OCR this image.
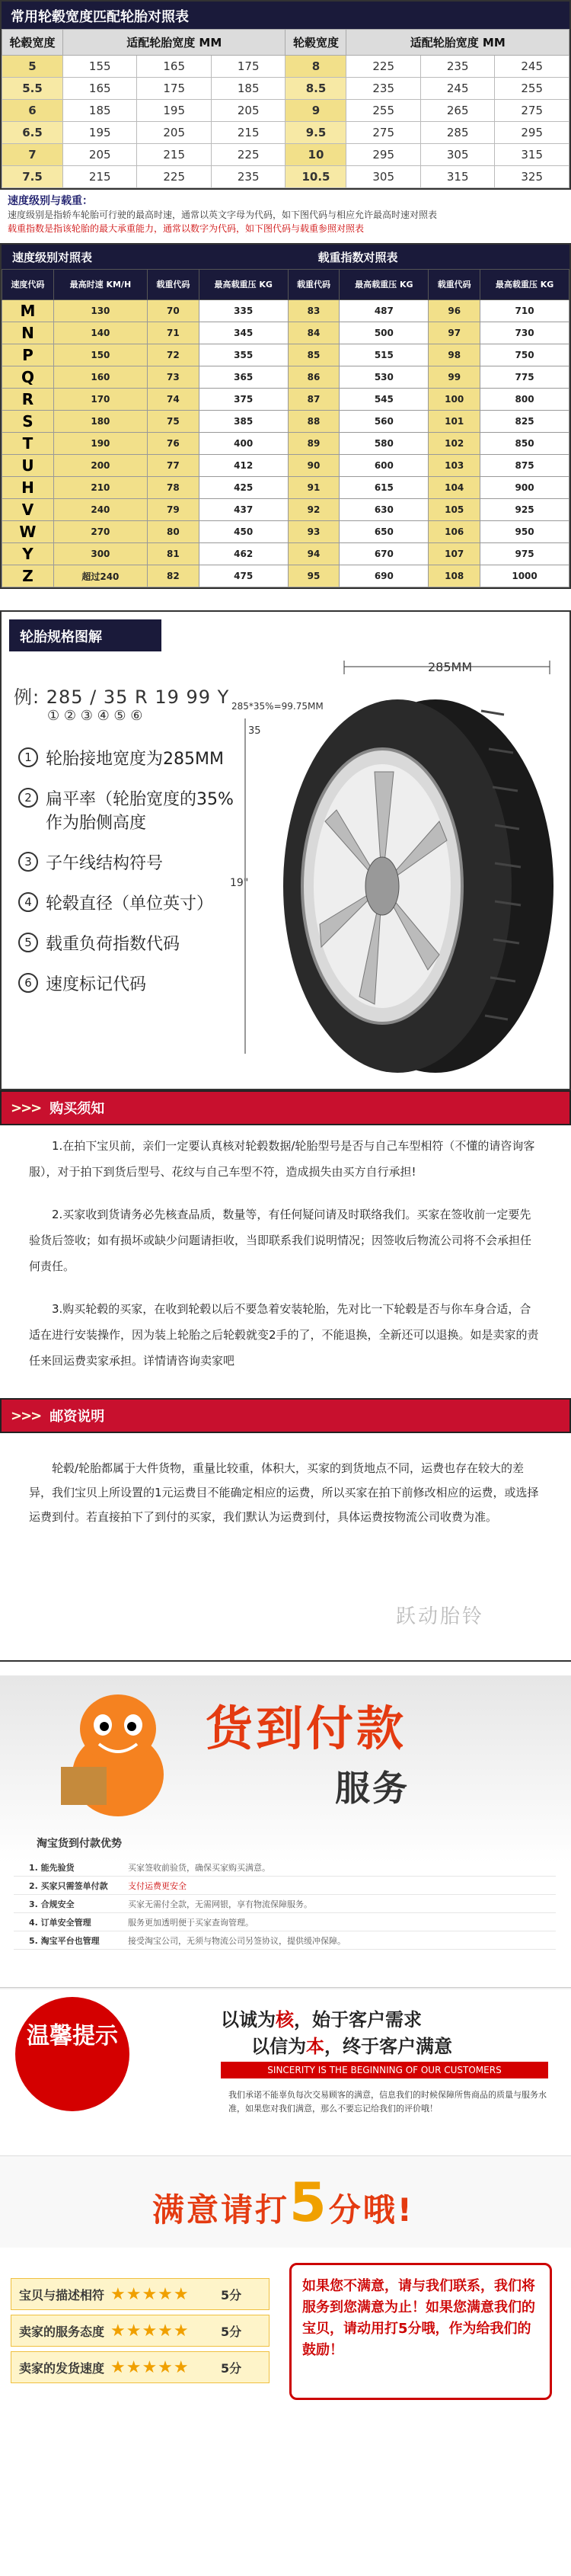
常用轮毂宽度匹配轮胎对照表
轮毂宽度	适配轮胎宽度 MM			轮毂宽度	适配轮胎宽度 MM		
5	155	165	175	8	225	235	245
5.5	165	175	185	8.5	235	245	255
6	185	195	205	9	255	265	275
6.5	195	205	215	9.5	275	285	295
7	205	215	225	10	295	305	315
7.5	215	225	235	10.5	305	315	325
速度级别与载重：
速度级别是指轿车轮胎可行驶的最高时速，通常以英文字母为代码，如下图代码与相应允许最高时速对照表
载重指数是指该轮胎的最大承重能力，通常以数字为代码，如下图代码与载重参照对照表
速度级别对照表	载重指数对照表
速度代码	最高时速 KM/H	载重代码	最高载重压 KG	载重代码	最高载重压 KG	载重代码	最高载重压 KG
M	130	70	335	83	487	96	710
N	140	71	345	84	500	97	730
P	150	72	355	85	515	98	750
Q	160	73	365	86	530	99	775
R	170	74	375	87	545	100	800
S	180	75	385	88	560	101	825
T	190	76	400	89	580	102	850
U	200	77	412	90	600	103	875
H	210	78	425	91	615	104	900
V	240	79	437	92	630	105	925
W	270	80	450	93	650	106	950
Y	300	81	462	94	670	107	975
Z	超过240	82	475	95	690	108	1000
轮胎规格图解
例: 285 / 35 R 19 99 Y
① ② ③ ④ ⑤ ⑥
1 轮胎接地宽度为285MM
2 扁平率（轮胎宽度的35%作为胎侧高度
3 子午线结构符号
4 轮毂直径（单位英寸）
5 载重负荷指数代码
6 速度标记代码
285MM
285*35%=99.75MM
35
19"
>>> 购买须知

1.在拍下宝贝前，亲们一定要认真核对轮毂数据/轮胎型号是否与自己车型相符（不懂的请咨询客服），对于拍下到货后型号、花纹与自己车型不符，造成损失由买方自行承担!

2.买家收到货请务必先核查品质，数量等，有任何疑问请及时联络我们。买家在签收前一定要先验货后签收；如有损坏或缺少问题请拒收，当即联系我们说明情况；因签收后物流公司将不会承担任何责任。

3.购买轮毂的买家，在收到轮毂以后不要急着安装轮胎，先对比一下轮毂是否与你车身合适，合适在进行安装操作，因为装上轮胎之后轮毂就变2手的了，不能退换，全新还可以退换。如是卖家的责任来回运费卖家承担。详情请咨询卖家吧

>>> 邮资说明

轮毂/轮胎都属于大件货物，重量比较重，体积大，买家的到货地点不同，运费也存在较大的差异，我们宝贝上所设置的1元运费目不能确定相应的运费，所以买家在拍下前修改相应的运费，或选择运费到付。若直接拍下了到付的买家，我们默认为运费到付，具体运费按物流公司收费为准。

跃动胎铃
货到付款
服务
淘宝货到付款优势
1. 能先验货	买家签收前验货，确保买家购买满意。
2. 买家只需签单付款	支付运费更安全
3. 合规安全	买家无需付全款，无需网银，享有物流保障服务。
4. 订单安全管理	服务更加透明便于买家查询管理。
5. 淘宝平台也管理	接受淘宝公司，无须与物流公司另签协议，提供缓冲保障。
温馨提示
以诚为核，始于客户需求
以信为本，终于客户满意
SINCERITY IS THE BEGINNING OF OUR CUSTOMERS
我们承诺不能辜负每次交易顾客的满意，信息我们的时候保障所售商品的质量与服务水准，如果您对我们满意，那么不要忘记给我们的评价哦！
满意请打5分哦!
宝贝与描述相符 ★★★★★	5分
卖家的服务态度 ★★★★★	5分
卖家的发货速度 ★★★★★	5分
如果您不满意，请与我们联系，我们将服务到您满意为止！如果您满意我们的宝贝，请动用打5分哦，作为给我们的鼓励！
